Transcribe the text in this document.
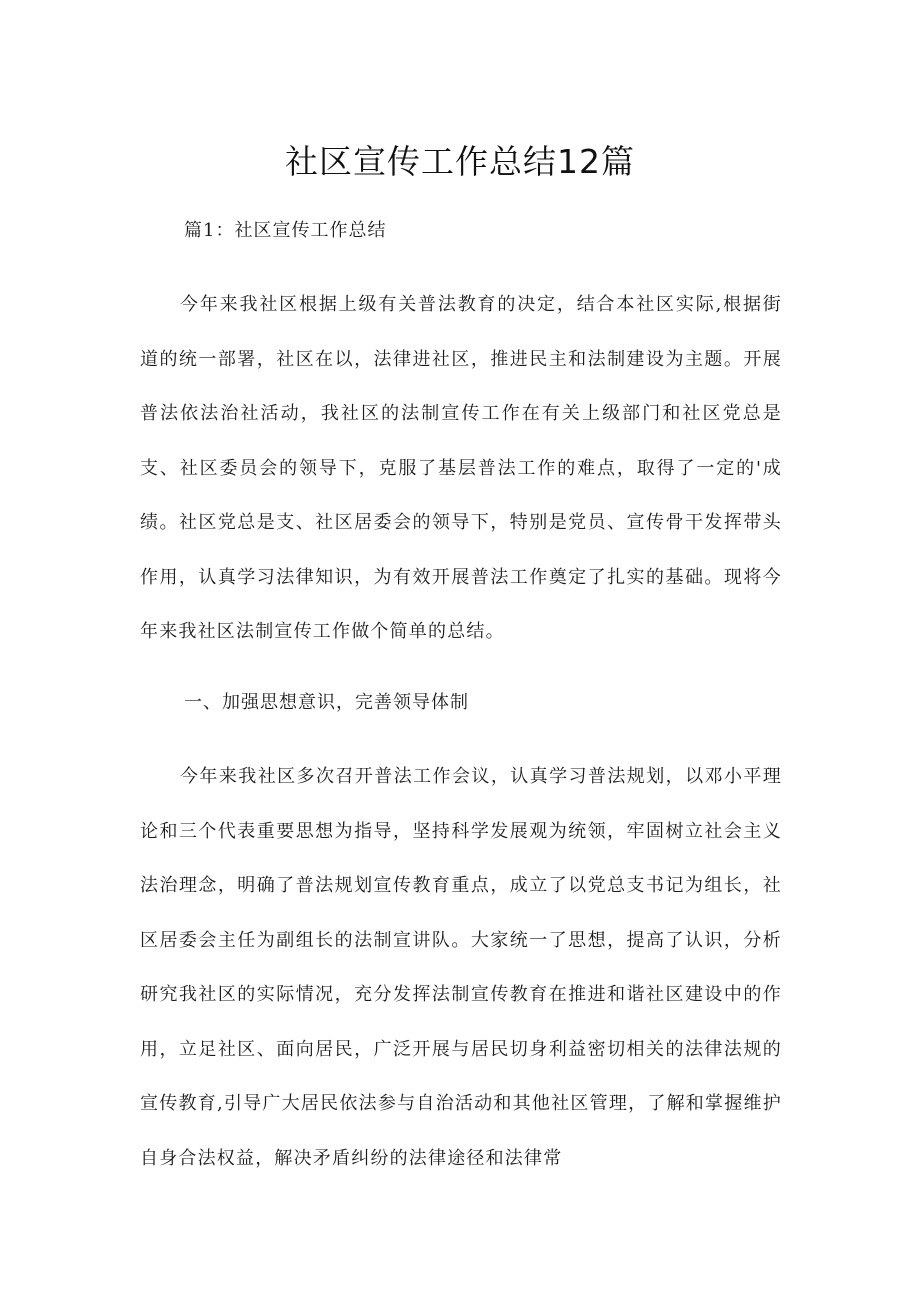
社区宣传工作总结12篇

篇1：社区宣传工作总结

今年来我社区根据上级有关普法教育的决定，结合本社区实际,根据街道的统一部署，社区在以，法律进社区，推进民主和法制建设为主题。开展普法依法治社活动，我社区的法制宣传工作在有关上级部门和社区党总是支、社区委员会的领导下，克服了基层普法工作的难点，取得了一定的'成绩。社区党总是支、社区居委会的领导下，特别是党员、宣传骨干发挥带头作用，认真学习法律知识，为有效开展普法工作奠定了扎实的基础。现将今年来我社区法制宣传工作做个简单的总结。

一、加强思想意识，完善领导体制

今年来我社区多次召开普法工作会议，认真学习普法规划，以邓小平理论和三个代表重要思想为指导，坚持科学发展观为统领，牢固树立社会主义法治理念，明确了普法规划宣传教育重点，成立了以党总支书记为组长，社区居委会主任为副组长的法制宣讲队。大家统一了思想，提高了认识，分析研究我社区的实际情况，充分发挥法制宣传教育在推进和谐社区建设中的作用，立足社区、面向居民，广泛开展与居民切身利益密切相关的法律法规的宣传教育,引导广大居民依法参与自治活动和其他社区管理，了解和掌握维护自身合法权益，解决矛盾纠纷的法律途径和法律常
